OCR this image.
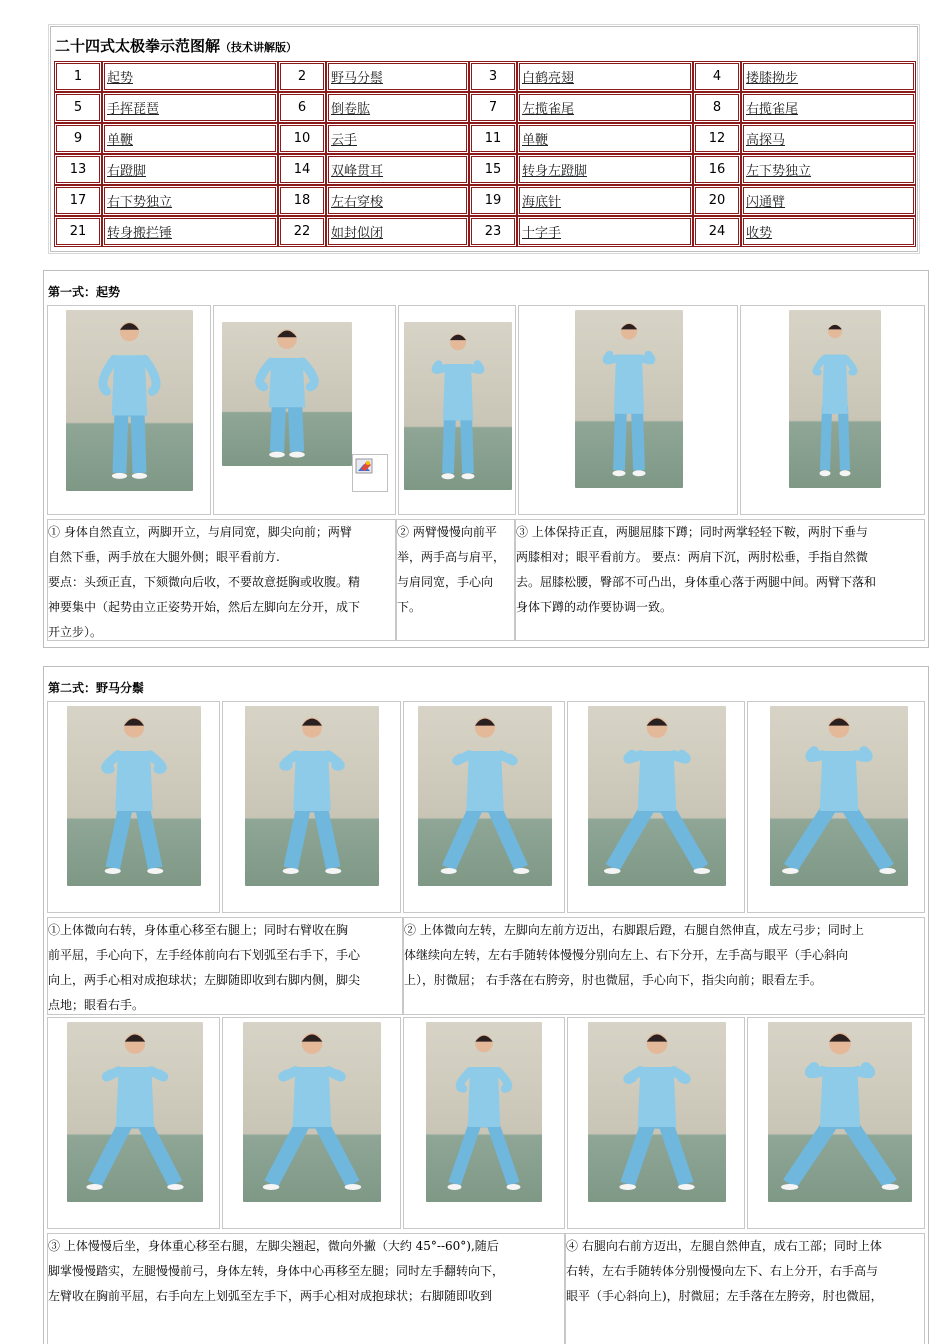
二十四式太极拳示范图解（技术讲解版）
1	起势	2	野马分鬃	3	白鹤亮翅	4	搂膝拗步
5	手挥琵琶	6	倒卷肱	7	左揽雀尾	8	右揽雀尾
9	单鞭	10	云手	11	单鞭	12	高探马
13	右蹬脚	14	双峰贯耳	15	转身左蹬脚	16	左下势独立
17	右下势独立	18	左右穿梭	19	海底针	20	闪通臂
21	转身搬拦锤	22	如封似闭	23	十字手	24	收势
第一式：起势

① 身体自然直立，两脚开立，与肩同宽，脚尖向前；两臂
自然下垂，两手放在大腿外侧；眼平看前方.
要点：头颈正直，下颏微向后收，不要故意挺胸或收腹。精
神要集中（起势由立正姿势开始，然后左脚向左分开，成下
开立步）。

② 两臂慢慢向前平
举，两手高与肩平，
与肩同宽，手心向
下。

③ 上体保持正直，两腿屈膝下蹲；同时两掌轻轻下鞍，两肘下垂与
两膝相对；眼平看前方。 要点：两肩下沉，两肘松垂，手指自然微
去。屈膝松腰，臀部不可凸出，身体重心落于两腿中间。两臂下落和
身体下蹲的动作要协调一致。

第二式：野马分鬃

①上体微向右转，身体重心移至右腿上；同时右臂收在胸
前平屈，手心向下，左手经体前向右下划弧至右手下，手心
向上，两手心相对成抱球状；左脚随即收到右脚内侧，脚尖
点地；眼看右手。

② 上体微向左转，左脚向左前方迈出，右脚跟后蹬，右腿自然伸直，成左弓步；同时上
体继续向左转，左右手随转体慢慢分别向左上、右下分开，左手高与眼平（手心斜向
上），肘微屈； 右手落在右胯旁，肘也微屈，手心向下，指尖向前；眼看左手。

③ 上体慢慢后坐，身体重心移至右腿，左脚尖翘起，微向外撇（大约 45°--60°),随后
脚掌慢慢踏实，左腿慢慢前弓，身体左转，身体中心再移至左腿；同时左手翻转向下，
左臂收在胸前平屈，右手向左上划弧至左手下，两手心相对成抱球状；右脚随即收到

④ 右腿向右前方迈出，左腿自然伸直，成右工部；同时上体
右转，左右手随转体分别慢慢向左下、右上分开，右手高与
眼平（手心斜向上)，肘微屈；左手落在左胯旁，肘也微屈，
